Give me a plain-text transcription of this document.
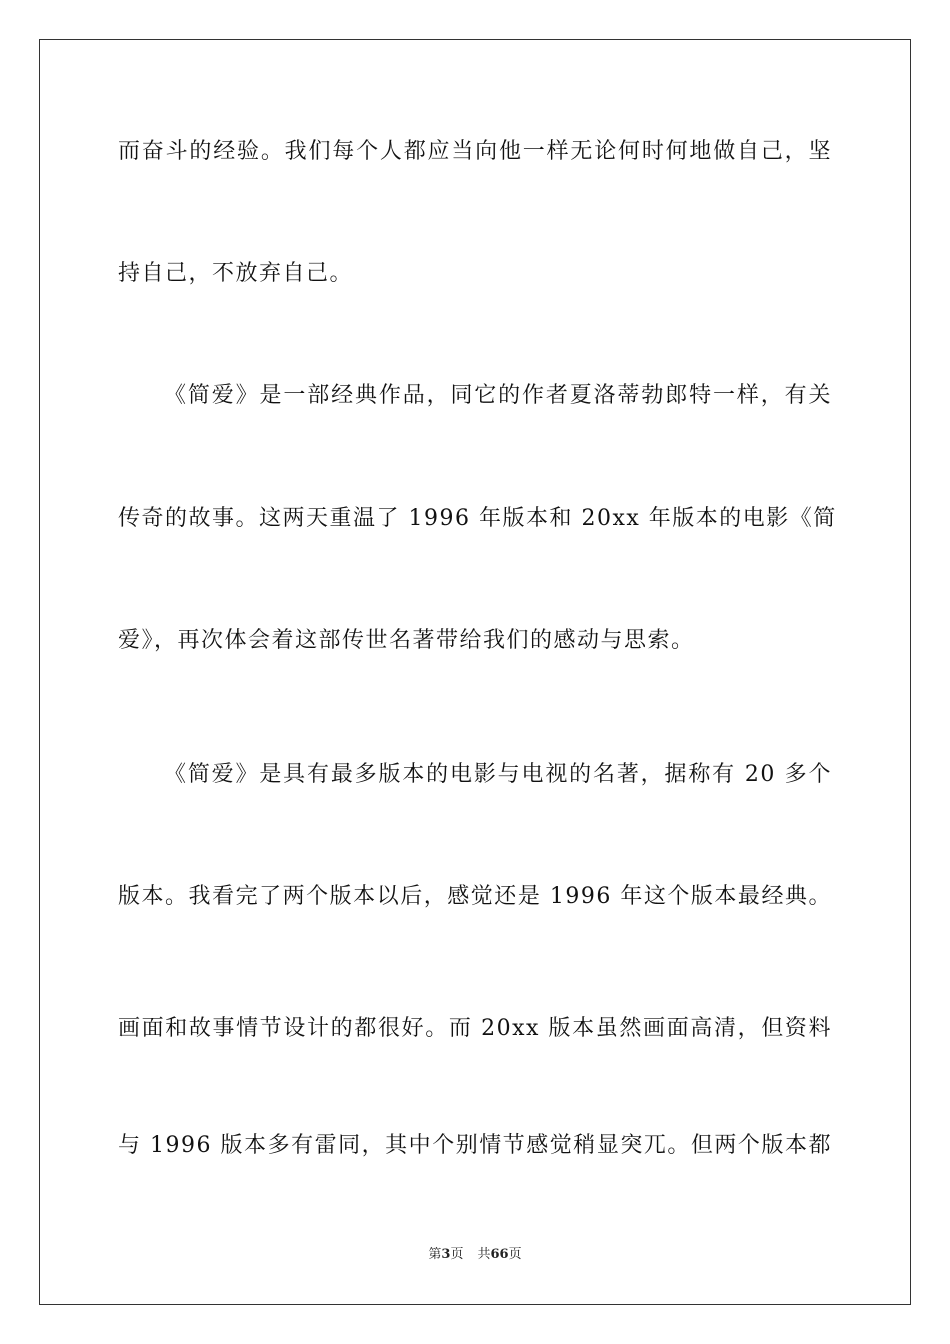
而奋斗的经验。我们每个人都应当向他一样无论何时何地做自己，坚
持自己，不放弃自己。
《简爱》是一部经典作品，同它的作者夏洛蒂勃郎特一样，有关
传奇的故事。这两天重温了 1996 年版本和 20xx 年版本的电影《简
爱》，再次体会着这部传世名著带给我们的感动与思索。
《简爱》是具有最多版本的电影与电视的名著，据称有 20 多个
版本。我看完了两个版本以后，感觉还是 1996 年这个版本最经典。
画面和故事情节设计的都很好。而 20xx 版本虽然画面高清，但资料
与 1996 版本多有雷同，其中个别情节感觉稍显突兀。但两个版本都
第3页 共66页
